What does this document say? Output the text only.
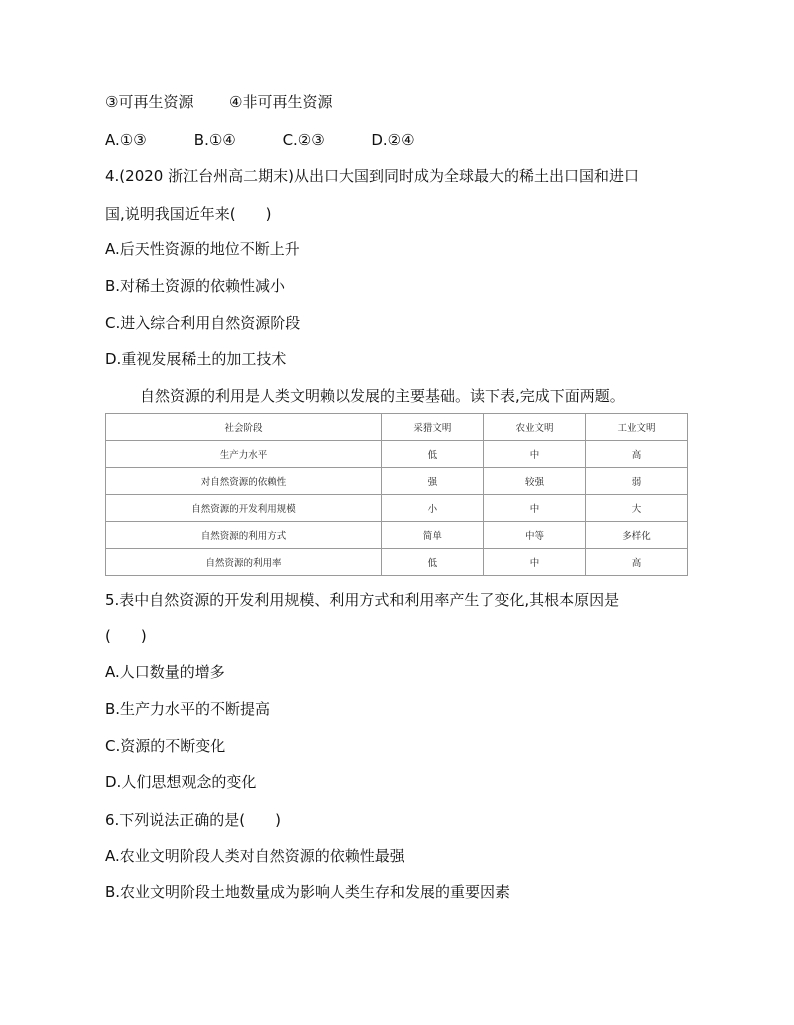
③可再生资源 ④非可再生资源
A.①③	B.①④	C.②③	D.②④
4.(2020 浙江台州高二期末)从出口大国到同时成为全球最大的稀土出口国和进口
国,说明我国近年来(　　)
A.后天性资源的地位不断上升
B.对稀土资源的依赖性减小
C.进入综合利用自然资源阶段
D.重视发展稀土的加工技术
自然资源的利用是人类文明赖以发展的主要基础。读下表,完成下面两题。
社会阶段	采猎文明	农业文明	工业文明
生产力水平	低	中	高
对自然资源的依赖性	强	较强	弱
自然资源的开发利用规模	小	中	大
自然资源的利用方式	简单	中等	多样化
自然资源的利用率	低	中	高
5.表中自然资源的开发利用规模、利用方式和利用率产生了变化,其根本原因是
(　　)
A.人口数量的增多
B.生产力水平的不断提高
C.资源的不断变化
D.人们思想观念的变化
6.下列说法正确的是(　　)
A.农业文明阶段人类对自然资源的依赖性最强
B.农业文明阶段土地数量成为影响人类生存和发展的重要因素
